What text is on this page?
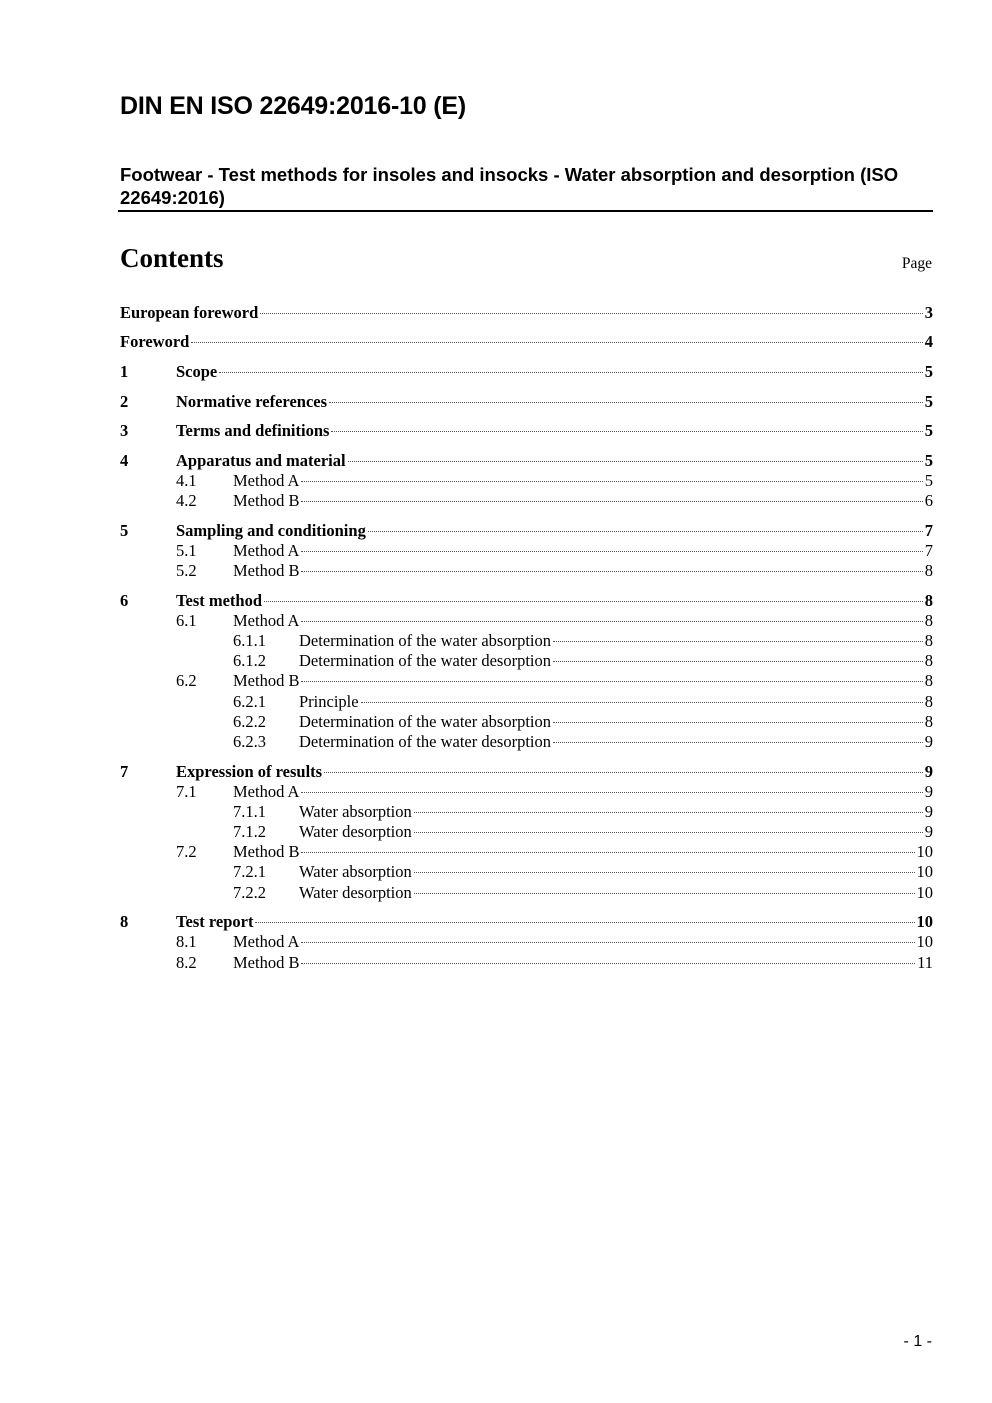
DIN EN ISO 22649:2016-10 (E)
Footwear - Test methods for insoles and insocks - Water absorption and desorption (ISO 22649:2016)
Contents	Page
European foreword	3
Foreword	4
1	Scope	5
2	Normative references	5
3	Terms and definitions	5
4	Apparatus and material	5
4.1	Method A	5
4.2	Method B	6
5	Sampling and conditioning	7
5.1	Method A	7
5.2	Method B	8
6	Test method	8
6.1	Method A	8
6.1.1	Determination of the water absorption	8
6.1.2	Determination of the water desorption	8
6.2	Method B	8
6.2.1	Principle	8
6.2.2	Determination of the water absorption	8
6.2.3	Determination of the water desorption	9
7	Expression of results	9
7.1	Method A	9
7.1.1	Water absorption	9
7.1.2	Water desorption	9
7.2	Method B	10
7.2.1	Water absorption	10
7.2.2	Water desorption	10
8	Test report	10
8.1	Method A	10
8.2	Method B	11
- 1 -
